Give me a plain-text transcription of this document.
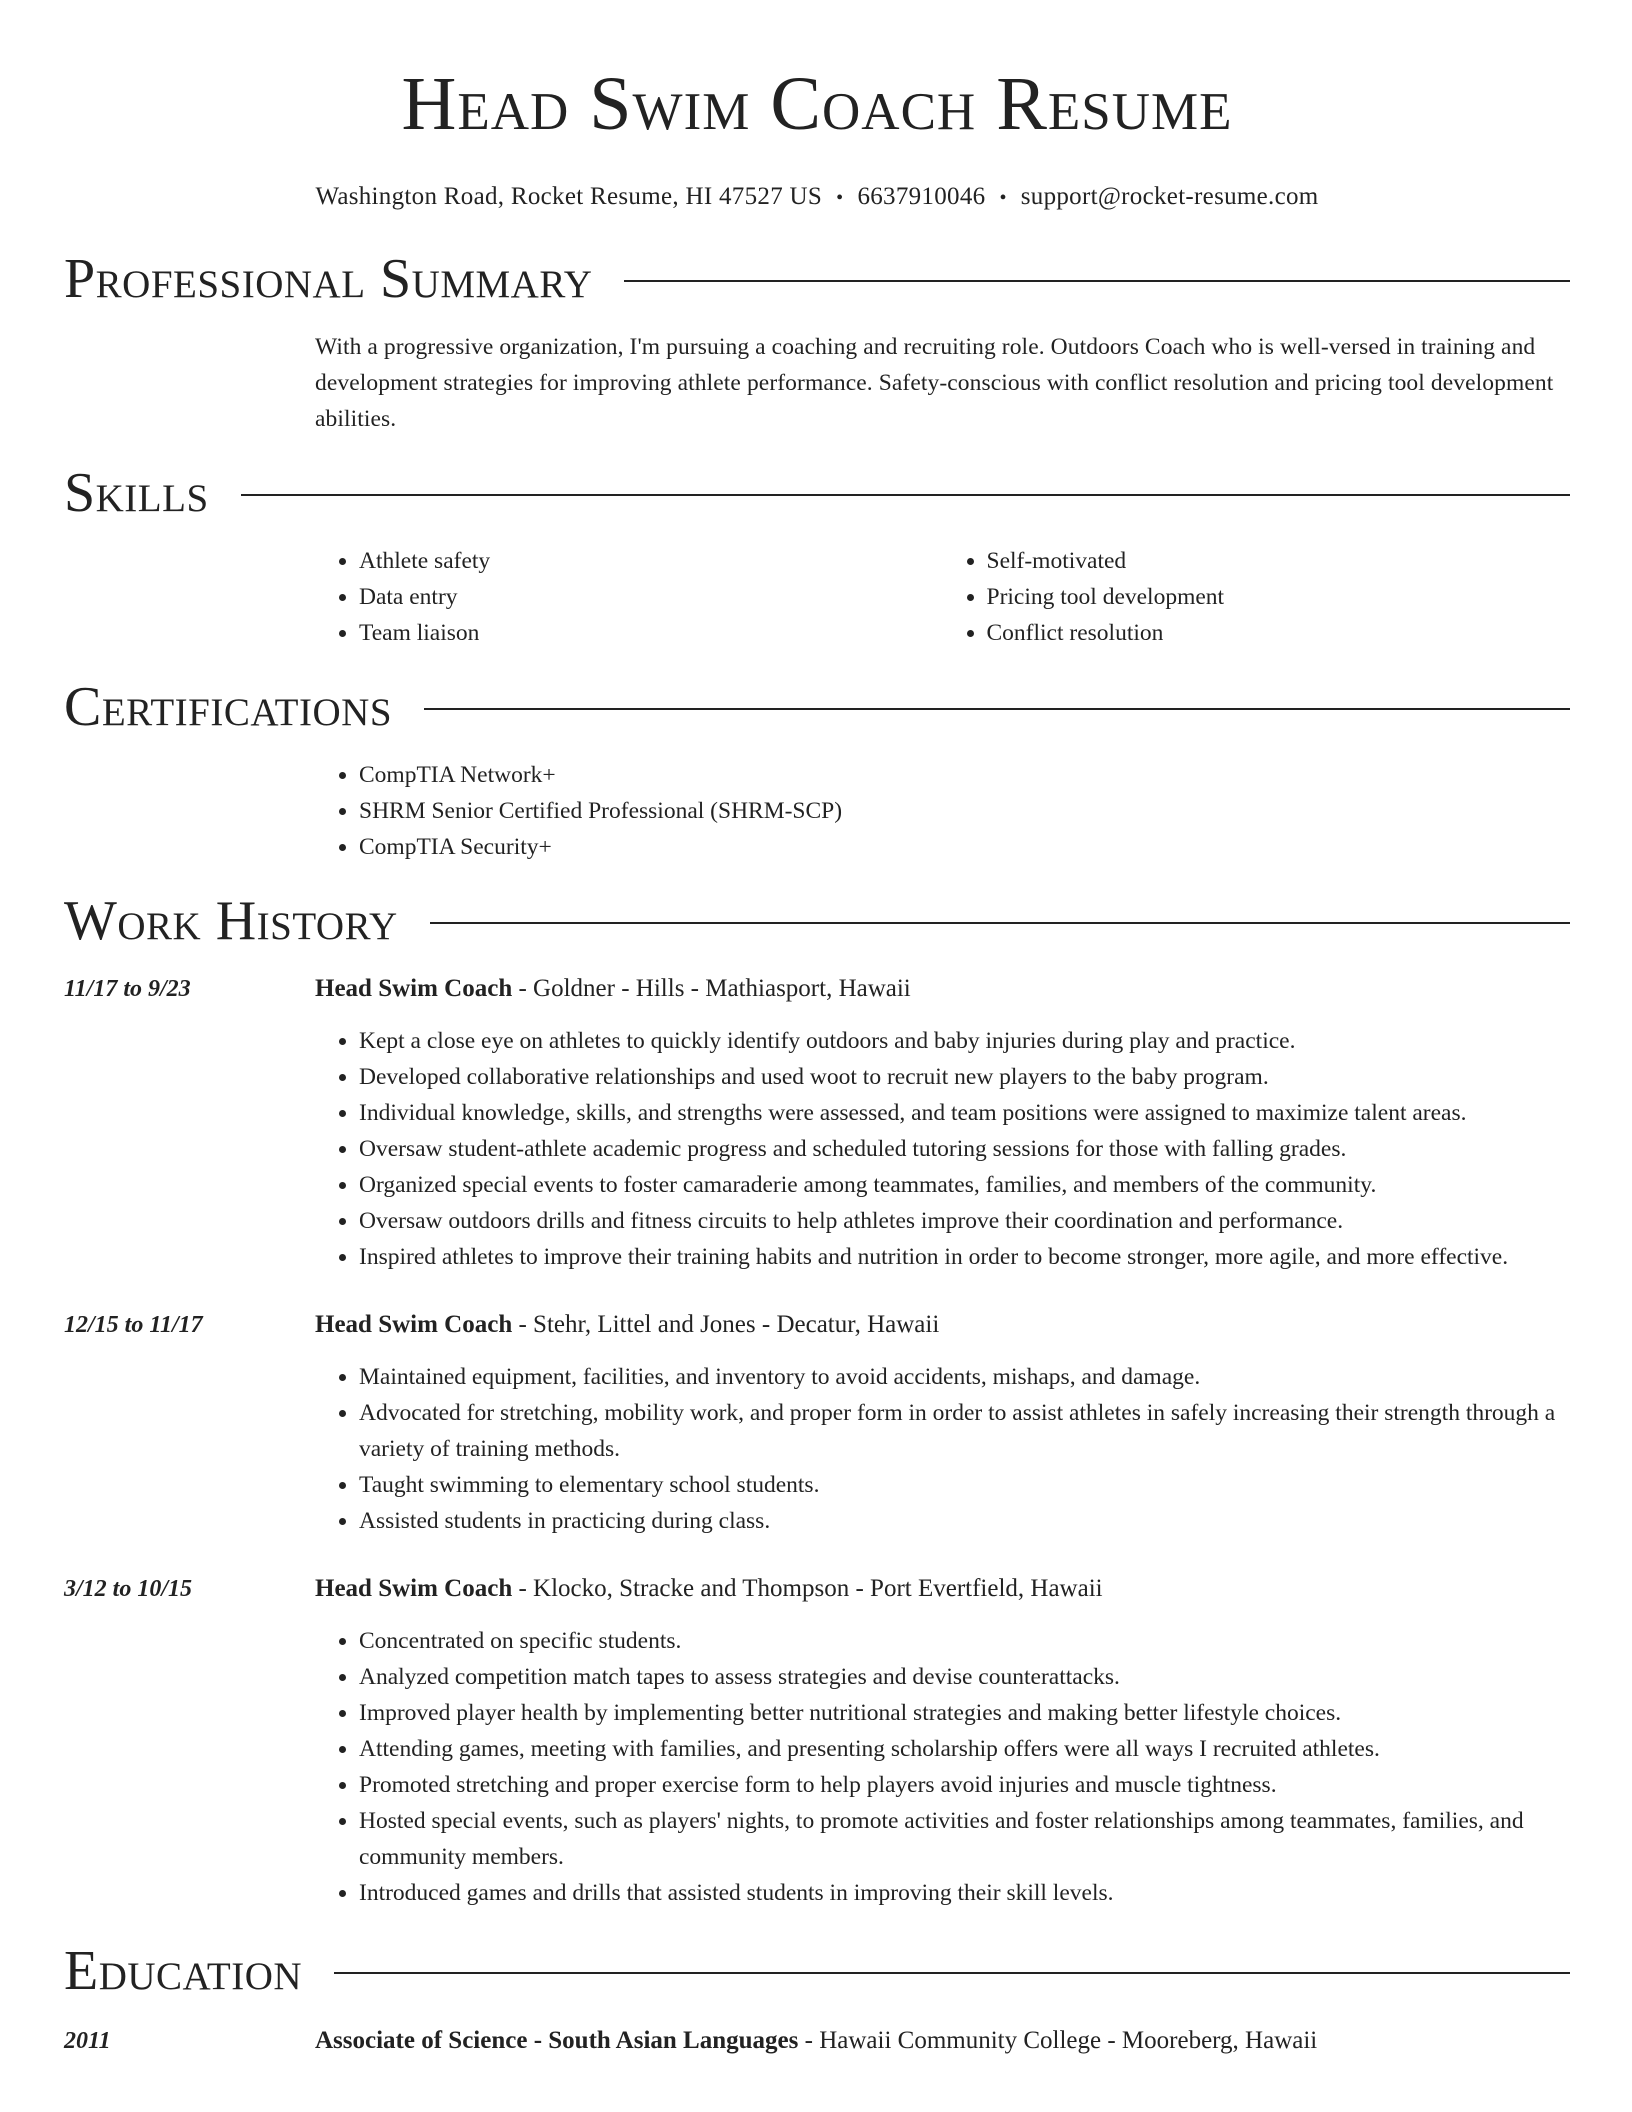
Head Swim Coach Resume
Washington Road, Rocket Resume, HI 47527 US • 6637910046 • support@rocket-resume.com
Professional Summary
With a progressive organization, I'm pursuing a coaching and recruiting role. Outdoors Coach who is well-versed in training and development strategies for improving athlete performance. Safety-conscious with conflict resolution and pricing tool development abilities.
Skills
• Athlete safety
• Data entry
• Team liaison
• Self-motivated
• Pricing tool development
• Conflict resolution
Certifications
• CompTIA Network+
• SHRM Senior Certified Professional (SHRM-SCP)
• CompTIA Security+
Work History
11/17 to 9/23	Head Swim Coach - Goldner - Hills - Mathiasport, Hawaii
• Kept a close eye on athletes to quickly identify outdoors and baby injuries during play and practice.
• Developed collaborative relationships and used woot to recruit new players to the baby program.
• Individual knowledge, skills, and strengths were assessed, and team positions were assigned to maximize talent areas.
• Oversaw student-athlete academic progress and scheduled tutoring sessions for those with falling grades.
• Organized special events to foster camaraderie among teammates, families, and members of the community.
• Oversaw outdoors drills and fitness circuits to help athletes improve their coordination and performance.
• Inspired athletes to improve their training habits and nutrition in order to become stronger, more agile, and more effective.
12/15 to 11/17	Head Swim Coach - Stehr, Littel and Jones - Decatur, Hawaii
• Maintained equipment, facilities, and inventory to avoid accidents, mishaps, and damage.
• Advocated for stretching, mobility work, and proper form in order to assist athletes in safely increasing their strength through a variety of training methods.
• Taught swimming to elementary school students.
• Assisted students in practicing during class.
3/12 to 10/15	Head Swim Coach - Klocko, Stracke and Thompson - Port Evertfield, Hawaii
• Concentrated on specific students.
• Analyzed competition match tapes to assess strategies and devise counterattacks.
• Improved player health by implementing better nutritional strategies and making better lifestyle choices.
• Attending games, meeting with families, and presenting scholarship offers were all ways I recruited athletes.
• Promoted stretching and proper exercise form to help players avoid injuries and muscle tightness.
• Hosted special events, such as players' nights, to promote activities and foster relationships among teammates, families, and community members.
• Introduced games and drills that assisted students in improving their skill levels.
Education
2011	Associate of Science - South Asian Languages - Hawaii Community College - Mooreberg, Hawaii
